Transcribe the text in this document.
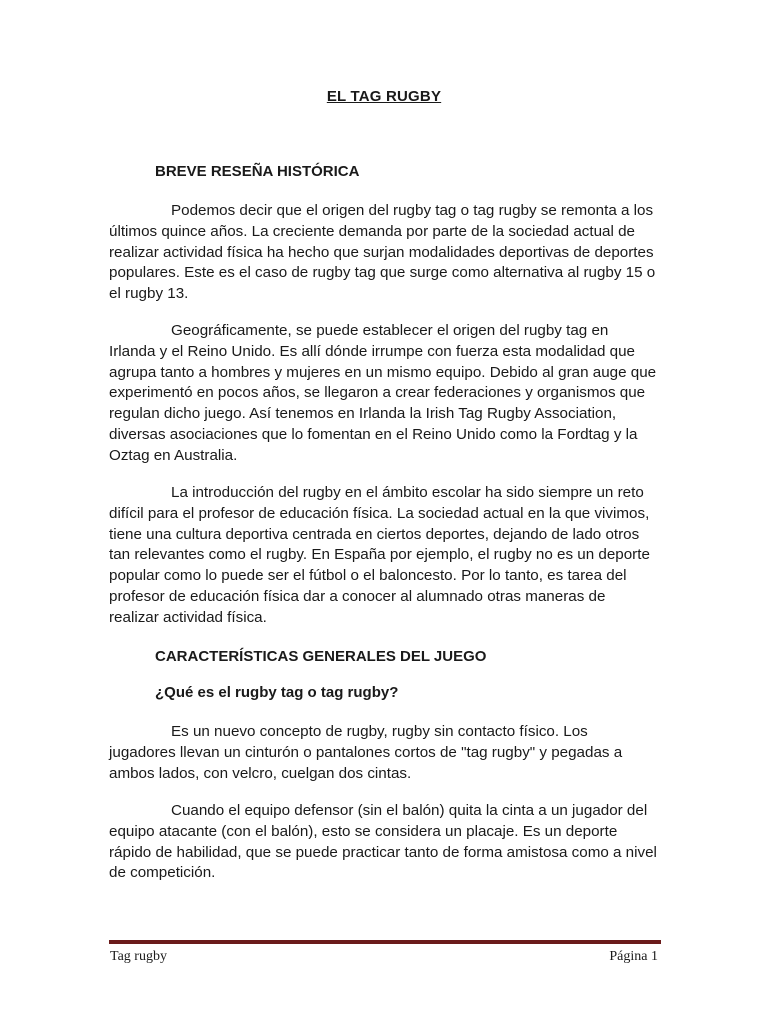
EL TAG RUGBY
BREVE RESEÑA HISTÓRICA

Podemos decir que el origen del rugby tag o tag rugby se remonta a los últimos quince años. La creciente demanda por parte de la sociedad actual de realizar actividad física ha hecho que surjan modalidades deportivas de deportes populares. Este es el caso de rugby tag que surge como alternativa al rugby 15 o el rugby 13.

Geográficamente, se puede establecer el origen del rugby tag en Irlanda y el Reino Unido. Es allí dónde irrumpe con fuerza esta modalidad que agrupa tanto a hombres y mujeres en un mismo equipo. Debido al gran auge que experimentó en pocos años, se llegaron a crear federaciones y organismos que regulan dicho juego. Así tenemos en Irlanda la Irish Tag Rugby Association, diversas asociaciones que lo fomentan en el Reino Unido como la Fordtag y la Oztag en Australia.

La introducción del rugby en el ámbito escolar ha sido siempre un reto difícil para el profesor de educación física. La sociedad actual en la que vivimos, tiene una cultura deportiva centrada en ciertos deportes, dejando de lado otros tan relevantes como el rugby. En España por ejemplo, el rugby no es un deporte popular como lo puede ser el fútbol o el baloncesto. Por lo tanto, es tarea del profesor de educación física dar a conocer al alumnado otras maneras de realizar actividad física.

CARACTERÍSTICAS GENERALES DEL JUEGO
¿Qué es el rugby tag o tag rugby?

Es un nuevo concepto de rugby, rugby sin contacto físico. Los jugadores llevan un cinturón o pantalones cortos de "tag rugby" y pegadas a ambos lados, con velcro, cuelgan dos cintas.

Cuando el equipo defensor (sin el balón) quita la cinta a un jugador del equipo atacante (con el balón), esto se considera un placaje. Es un deporte rápido de habilidad, que se puede practicar tanto de forma amistosa como a nivel de competición.

Tag rugby	Página 1
